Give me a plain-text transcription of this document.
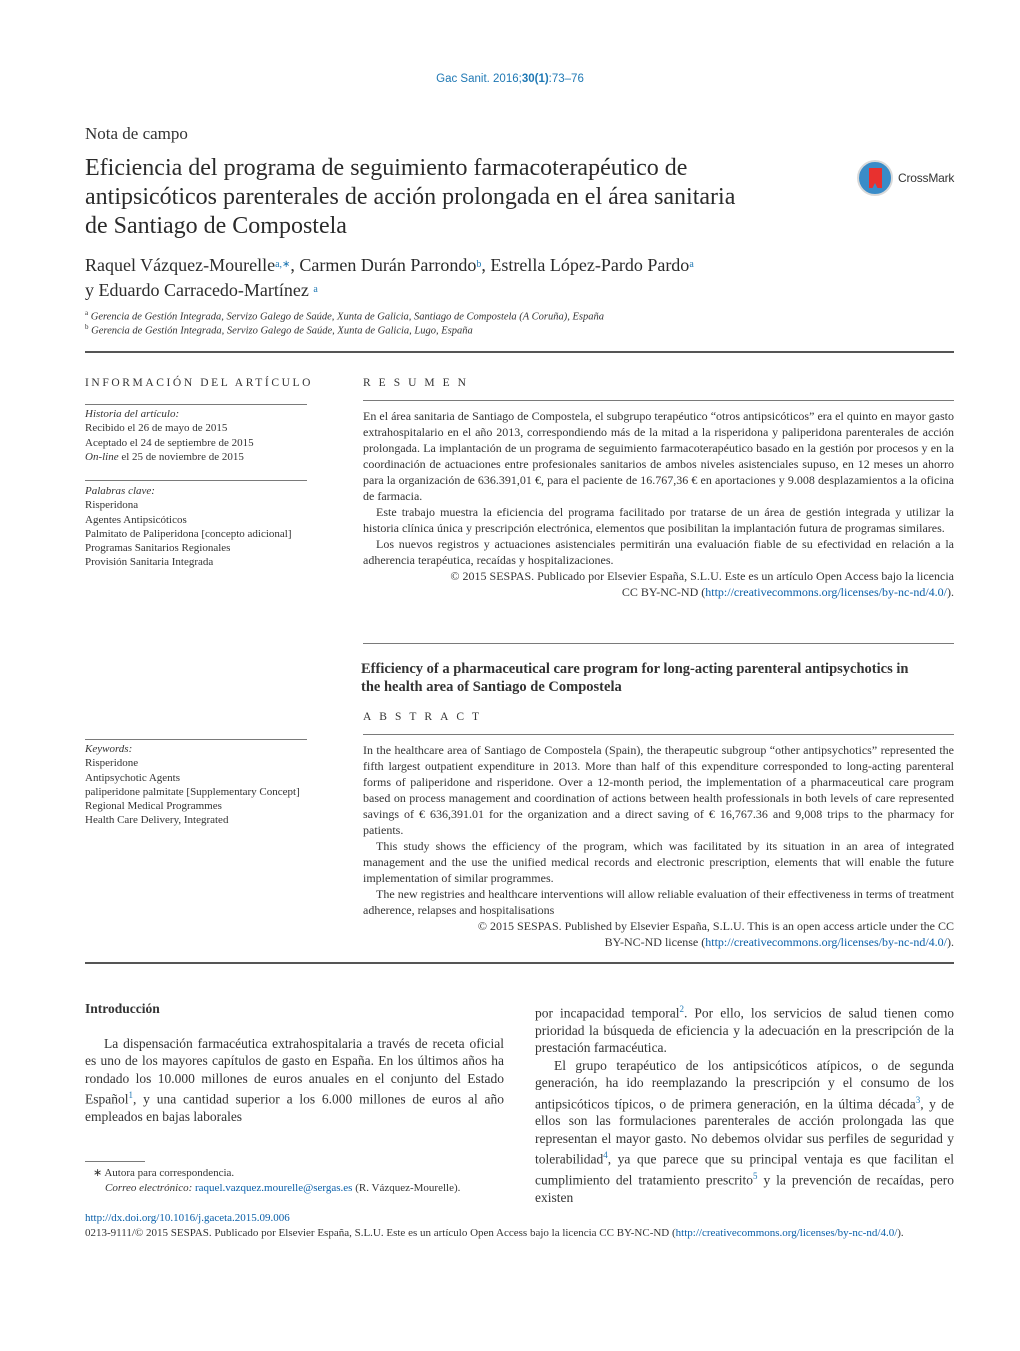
Gac Sanit. 2016;30(1):73–76
Nota de campo
Eficiencia del programa de seguimiento farmacoterapéutico de
antipsicóticos parenterales de acción prolongada en el área sanitaria
de Santiago de Compostela
CrossMark
Raquel Vázquez-Mourelle$^{a,∗}$, Carmen Durán Parrondo$^b$, Estrella López-Pardo Pardo$^a$
y Eduardo Carracedo-Martínez $^a$
$^a$ Gerencia de Gestión Integrada, Servizo Galego de Saúde, Xunta de Galicia, Santiago de Compostela (A Coruña), España
$^b$ Gerencia de Gestión Integrada, Servizo Galego de Saúde, Xunta de Galicia, Lugo, España
INFORMACIÓN DEL ARTÍCULO
Historia del artículo:
Recibido el 26 de mayo de 2015
Aceptado el 24 de septiembre de 2015
On-line el 25 de noviembre de 2015
Palabras clave:
Risperidona
Agentes Antipsicóticos
Palmitato de Paliperidona [concepto adicional]
Programas Sanitarios Regionales
Provisión Sanitaria Integrada
Keywords:
Risperidone
Antipsychotic Agents
paliperidone palmitate [Supplementary Concept]
Regional Medical Programmes
Health Care Delivery, Integrated
RESUMEN

En el área sanitaria de Santiago de Compostela, el subgrupo terapéutico “otros antipsicóticos” era el quinto en mayor gasto extrahospitalario en el año 2013, correspondiendo más de la mitad a la risperidona y paliperidona parenterales de acción prolongada. La implantación de un programa de seguimiento farmacoterapéutico basado en la gestión por procesos y en la coordinación de actuaciones entre profesionales sanitarios de ambos niveles asistenciales supuso, en 12 meses un ahorro para la organización de 636.391,01 €, para el paciente de 16.767,36 € en aportaciones y 9.008 desplazamientos a la oficina de farmacia.

Este trabajo muestra la eficiencia del programa facilitado por tratarse de un área de gestión integrada y utilizar la historia clínica única y prescripción electrónica, elementos que posibilitan la implantación futura de programas similares.

Los nuevos registros y actuaciones asistenciales permitirán una evaluación fiable de su efectividad en relación a la adherencia terapéutica, recaídas y hospitalizaciones.

© 2015 SESPAS. Publicado por Elsevier España, S.L.U. Este es un artículo Open Access bajo la licencia
CC BY-NC-ND (http://creativecommons.org/licenses/by-nc-nd/4.0/).

Efficiency of a pharmaceutical care program for long-acting parenteral antipsychotics in the health area of Santiago de Compostela
ABSTRACT

In the healthcare area of Santiago de Compostela (Spain), the therapeutic subgroup “other antipsychotics” represented the fifth largest outpatient expenditure in 2013. More than half of this expenditure corresponded to long-acting parenteral forms of paliperidone and risperidone. Over a 12-month period, the implementation of a pharmaceutical care program based on process management and coordination of actions between health professionals in both levels of care represented savings of € 636,391.01 for the organization and a direct saving of € 16,767.36 and 9,008 trips to the pharmacy for patients.

This study shows the efficiency of the program, which was facilitated by its situation in an area of integrated management and the use the unified medical records and electronic prescription, elements that will enable the future implementation of similar programmes.

The new registries and healthcare interventions will allow reliable evaluation of their effectiveness in terms of treatment adherence, relapses and hospitalisations

© 2015 SESPAS. Published by Elsevier España, S.L.U. This is an open access article under the CC
BY-NC-ND license (http://creativecommons.org/licenses/by-nc-nd/4.0/).

Introducción

La dispensación farmacéutica extrahospitalaria a través de receta oficial es uno de los mayores capítulos de gasto en España. En los últimos años ha rondado los 10.000 millones de euros anuales en el conjunto del Estado Español$^1$, y una cantidad superior a los 6.000 millones de euros al año empleados en bajas laborales

por incapacidad temporal$^2$. Por ello, los servicios de salud tienen como prioridad la búsqueda de eficiencia y la adecuación en la prescripción de la prestación farmacéutica.

El grupo terapéutico de los antipsicóticos atípicos, o de segunda generación, ha ido reemplazando la prescripción y el consumo de los antipsicóticos típicos, o de primera generación, en la última década$^3$, y de ellos son las formulaciones parenterales de acción prolongada las que representan el mayor gasto. No debemos olvidar sus perfiles de seguridad y tolerabilidad$^4$, ya que parece que su principal ventaja es que facilitan el cumplimiento del tratamiento prescrito$^5$ y la prevención de recaídas, pero existen

∗ Autora para correspondencia.
Correo electrónico: raquel.vazquez.mourelle@sergas.es (R. Vázquez-Mourelle).
http://dx.doi.org/10.1016/j.gaceta.2015.09.006
0213-9111/© 2015 SESPAS. Publicado por Elsevier España, S.L.U. Este es un artículo Open Access bajo la licencia CC BY-NC-ND (http://creativecommons.org/licenses/by-nc-nd/4.0/).
